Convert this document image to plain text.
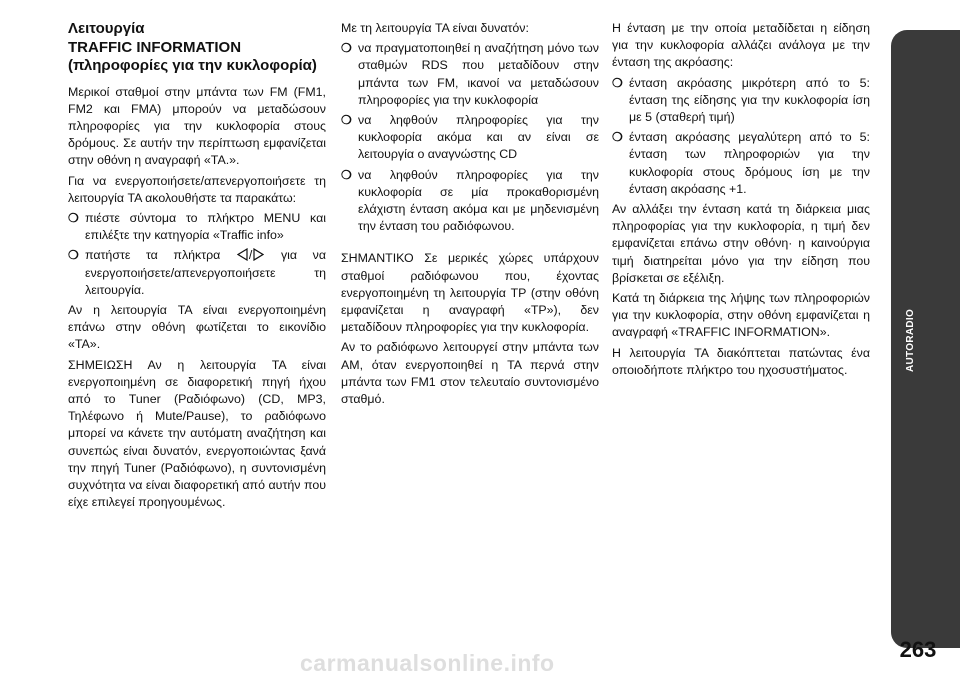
Λειτουργία
TRAFFIC INFORMATION
(πληροφορίες για την κυκλοφορία)

Μερικοί σταθμοί στην μπάντα των FM (FM1, FM2 και FMA) μπορούν να μεταδώσουν πληροφορίες για την κυκλοφορία στους δρόμους. Σε αυτήν την περίπτωση εμφανίζεται στην οθόνη η αναγραφή «TA.».

Για να ενεργοποιήσετε/απενεργοποιήσετε τη λειτουργία TA ακολουθήστε τα παρακάτω:

❍ πιέστε σύντομα το πλήκτρο MENU και επιλέξτε την κατηγορία «Traffic info»
❍ πατήστε τα πλήκτρα / για να ενεργοποιήσετε/απενεργοποιήσετε τη λειτουργία.

Αν η λειτουργία TA είναι ενεργοποιημένη επάνω στην οθόνη φωτίζεται το εικονίδιο «TA».

ΣΗΜΕΙΩΣΗ Αν η λειτουργία TA είναι ενεργοποιημένη σε διαφορετική πηγή ήχου από το Tuner (Ραδιόφωνο) (CD, MP3, Τηλέφωνο ή Mute/Pause), το ραδιόφωνο μπορεί να κάνετε την αυτόματη αναζήτηση και συνεπώς είναι δυνατόν, ενεργοποιώντας ξανά την πηγή Tuner (Ραδιόφωνο), η συντονισμένη συχνότητα να είναι διαφορετική από αυτήν που είχε επιλεγεί προηγουμένως.

Με τη λειτουργία TA είναι δυνατόν:

❍ να πραγματοποιηθεί η αναζήτηση μόνο των σταθμών RDS που μεταδίδουν στην μπάντα των FM, ικανοί να μεταδώσουν πληροφορίες για την κυκλοφορία
❍ να ληφθούν πληροφορίες για την κυκλοφορία ακόμα και αν είναι σε λειτουργία ο αναγνώστης CD
❍ να ληφθούν πληροφορίες για την κυκλοφορία σε μία προκαθορισμένη ελάχιστη ένταση ακόμα και με μηδενισμένη την ένταση του ραδιόφωνου.

ΣΗΜΑΝΤΙΚΟ Σε μερικές χώρες υπάρχουν σταθμοί ραδιόφωνου που, έχοντας ενεργοποιημένη τη λειτουργία TP (στην οθόνη εμφανίζεται η αναγραφή «TP»), δεν μεταδίδουν πληροφορίες για την κυκλοφορία.

Αν το ραδιόφωνο λειτουργεί στην μπάντα των AM, όταν ενεργοποιηθεί η TA περνά στην μπάντα των FM1 στον τελευταίο συντονισμένο σταθμό.

Η ένταση με την οποία μεταδίδεται η είδηση για την κυκλοφορία αλλάζει ανάλογα με την ένταση της ακρόασης:

❍ ένταση ακρόασης μικρότερη από το 5: ένταση της είδησης για την κυκλοφορία ίση με 5 (σταθερή τιμή)
❍ ένταση ακρόασης μεγαλύτερη από το 5: ένταση των πληροφοριών για την κυκλοφορία στους δρόμους ίση με την ένταση ακρόασης +1.

Αν αλλάξει την ένταση κατά τη διάρκεια μιας πληροφορίας για την κυκλοφορία, η τιμή δεν εμφανίζεται επάνω στην οθόνη· η καινούργια τιμή διατηρείται μόνο για την είδηση που βρίσκεται σε εξέλιξη.

Κατά τη διάρκεια της λήψης των πληροφοριών για την κυκλοφορία, στην οθόνη εμφανίζεται η αναγραφή «TRAFFIC INFORMATION».

Η λειτουργία TA διακόπτεται πατώντας ένα οποιοδήποτε πλήκτρο του ηχοσυστήματος.	AUTORADIO
263
carmanualsonline.info
